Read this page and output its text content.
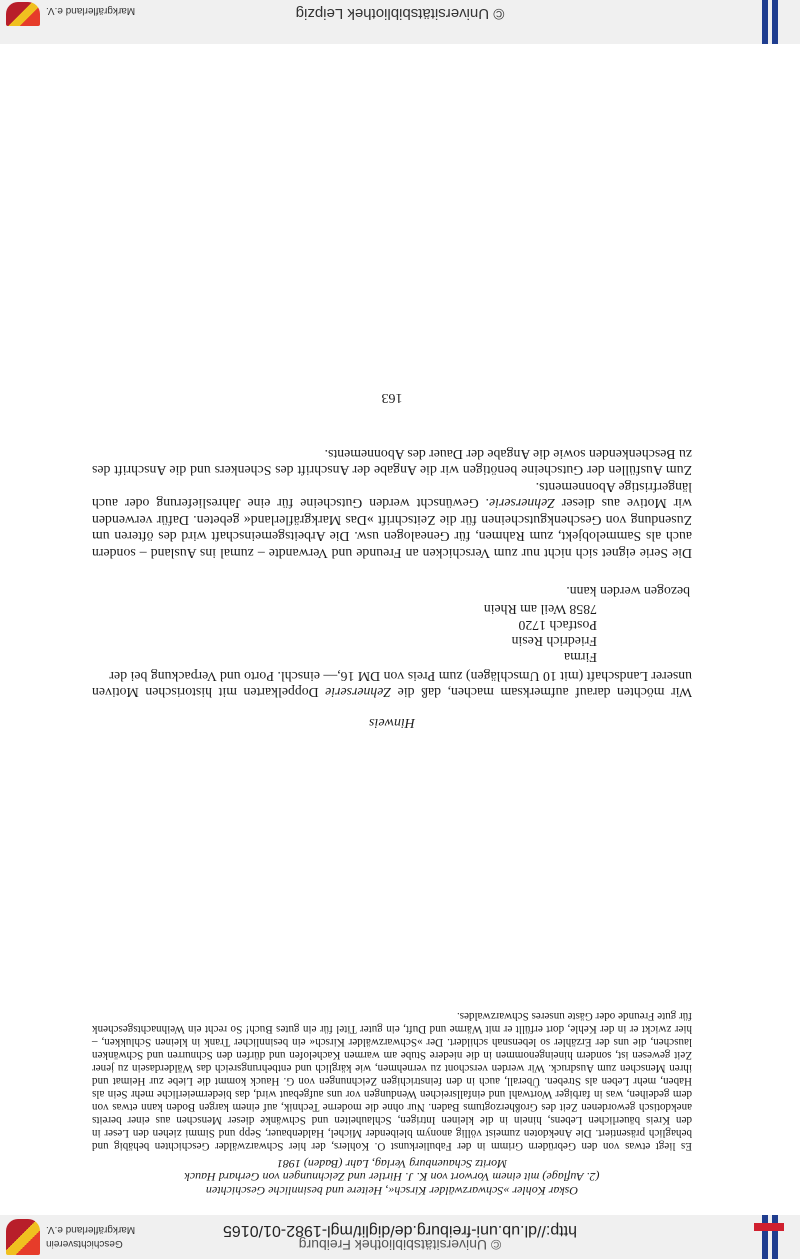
© Universitätsbibliothek Freiburg
http://dl.ub.uni-freiburg.de/diglit/mgl-1982-01/0165
Geschichtsverein
Markgräflerland e.V.
Oskar Kohler »Schwarzwälder Kirsch«, Heitere und besinnliche Geschichten
(2. Auflage) mit einem Vorwort von K. J. Hirtler und Zeichnungen von Gerhard Hauck
Moritz Schauenburg Verlag, Lahr (Baden) 1981
Es liegt etwas von den Gebrüdern Grimm in der Fabulierkunst O. Kohlers, der hier Schwarzwälder Geschichten behäbig und behaglich präsentiert. Die Anekdoten zumeist völlig anonym bleibender Michel, Haldenbauer, Sepp und Simmi ziehen den Leser in den Kreis bäuerlichen Lebens, hinein in die kleinen Intrigen, Schlauheiten und Schwänke dieser Menschen aus einer bereits anekdotisch gewordenen Zeit des Großherzogtums Baden. Nur ohne die moderne Technik, auf einem kargen Boden kann etwas von dem gedeihen, was in farbiger Wortwahl und einfallsreichen Wendungen vor uns aufgebaut wird, das biedermeierliche mehr Sein als Haben, mehr Leben als Streben. Überall, auch in den feinstrichigen Zeichnungen von G. Hauck kommt die Liebe zur Heimat und ihren Menschen zum Ausdruck. Wir werden verschont zu vernehmen, wie kärglich und entbehrungsreich das Wälderdasein zu jener Zeit gewesen ist, sondern hineingenommen in die niedere Stube am warmen Kachelofen und dürfen den Schnurren und Schwänken lauschen, die uns der Erzähler so lebensnah schildert. Der »Schwarzwälder Kirsch« ein besinnlicher Trank in kleinen Schlukken, – hier zwickt er in der Kehle, dort erfüllt er mit Wärme und Duft, ein guter Titel für ein gutes Buch! So recht ein Weihnachtsgeschenk für gute Freunde oder Gäste unseres Schwarzwaldes.
Hinweis
Wir möchten darauf aufmerksam machen, daß die Zehnerserie Doppelkarten mit historischen Motiven unserer Landschaft (mit 10 Umschlägen) zum Preis von DM 16,— einschl. Porto und Verpackung bei der
Firma
Friedrich Resin
Postfach 1720
7858 Weil am Rhein
bezogen werden kann.
Die Serie eignet sich nicht nur zum Verschicken an Freunde und Verwandte – zumal ins Ausland – sondern auch als Sammelobjekt, zum Rahmen, für Genealogen usw. Die Arbeitsgemeinschaft wird des öfteren um Zusendung von Geschenkgutscheinen für die Zeitschrift »Das Markgräflerland« gebeten. Dafür verwenden wir Motive aus dieser Zehnerserie. Gewünscht werden Gutscheine für eine Jahreslieferung oder auch längerfristige Abonnements.
Zum Ausfüllen der Gutscheine benötigen wir die Angabe der Anschrift des Schenkers und die Anschrift des zu Beschenkenden sowie die Angabe der Dauer des Abonnements.
163
© Universitätsbibliothek Leipzig
Markgräflerland e.V.
